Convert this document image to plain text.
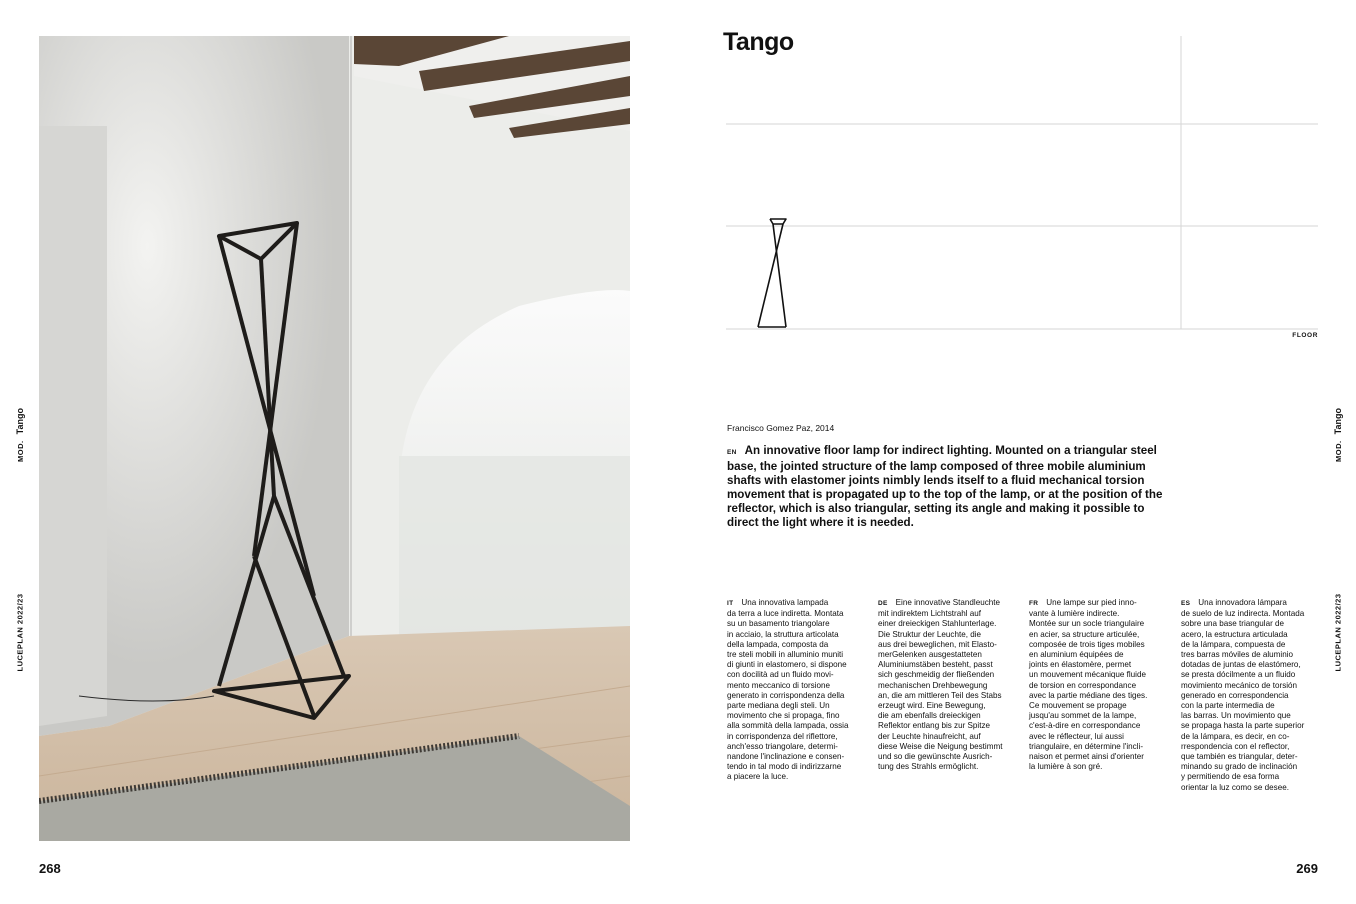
MOD.Tango
LUCEPLAN 2022/23
268
Tango
FLOOR
Francisco Gomez Paz, 2014
EN An innovative floor lamp for indirect lighting. Mounted on a triangular steel base, the jointed structure of the lamp composed of three mobile aluminium shafts with elastomer joints nimbly lends itself to a fluid mechanical torsion movement that is propagated up to the top of the lamp, or at the position of the reflector, which is also triangular, setting its angle and making it possible to direct the light where it is needed.
IT Una innovativa lampada
da terra a luce indiretta. Montata
su un basamento triangolare
in acciaio, la struttura articolata
della lampada, composta da
tre steli mobili in alluminio muniti
di giunti in elastomero, si dispone
con docilità ad un fluido movi-
mento meccanico di torsione
generato in corrispondenza della
parte mediana degli steli. Un
movimento che si propaga, fino
alla sommità della lampada, ossia
in corrispondenza del riflettore,
anch'esso triangolare, determi-
nandone l'inclinazione e consen-
tendo in tal modo di indirizzarne
a piacere la luce.
DE Eine innovative Standleuchte
mit indirektem Lichtstrahl auf
einer dreieckigen Stahlunterlage.
Die Struktur der Leuchte, die
aus drei beweglichen, mit Elasto-
merGelenken ausgestatteten
Aluminiumstäben besteht, passt
sich geschmeidig der fließenden
mechanischen Drehbewegung
an, die am mittleren Teil des Stabs
erzeugt wird. Eine Bewegung,
die am ebenfalls dreieckigen
Reflektor entlang bis zur Spitze
der Leuchte hinaufreicht, auf
diese Weise die Neigung bestimmt
und so die gewünschte Ausrich-
tung des Strahls ermöglicht.
FR Une lampe sur pied inno-
vante à lumière indirecte.
Montée sur un socle triangulaire
en acier, sa structure articulée,
composée de trois tiges mobiles
en aluminium équipées de
joints en élastomère, permet
un mouvement mécanique fluide
de torsion en correspondance
avec la partie médiane des tiges.
Ce mouvement se propage
jusqu'au sommet de la lampe,
c'est-à-dire en correspondance
avec le réflecteur, lui aussi
triangulaire, en détermine l'incli-
naison et permet ainsi d'orienter
la lumière à son gré.
ES Una innovadora lámpara
de suelo de luz indirecta. Montada
sobre una base triangular de
acero, la estructura articulada
de la lámpara, compuesta de
tres barras móviles de aluminio
dotadas de juntas de elastómero,
se presta dócilmente a un fluido
movimiento mecánico de torsión
generado en correspondencia
con la parte intermedia de
las barras. Un movimiento que
se propaga hasta la parte superior
de la lámpara, es decir, en co-
rrespondencia con el reflector,
que también es triangular, deter-
minando su grado de inclinación
y permitiendo de esa forma
orientar la luz como se desee.
MOD.Tango
LUCEPLAN 2022/23
269
